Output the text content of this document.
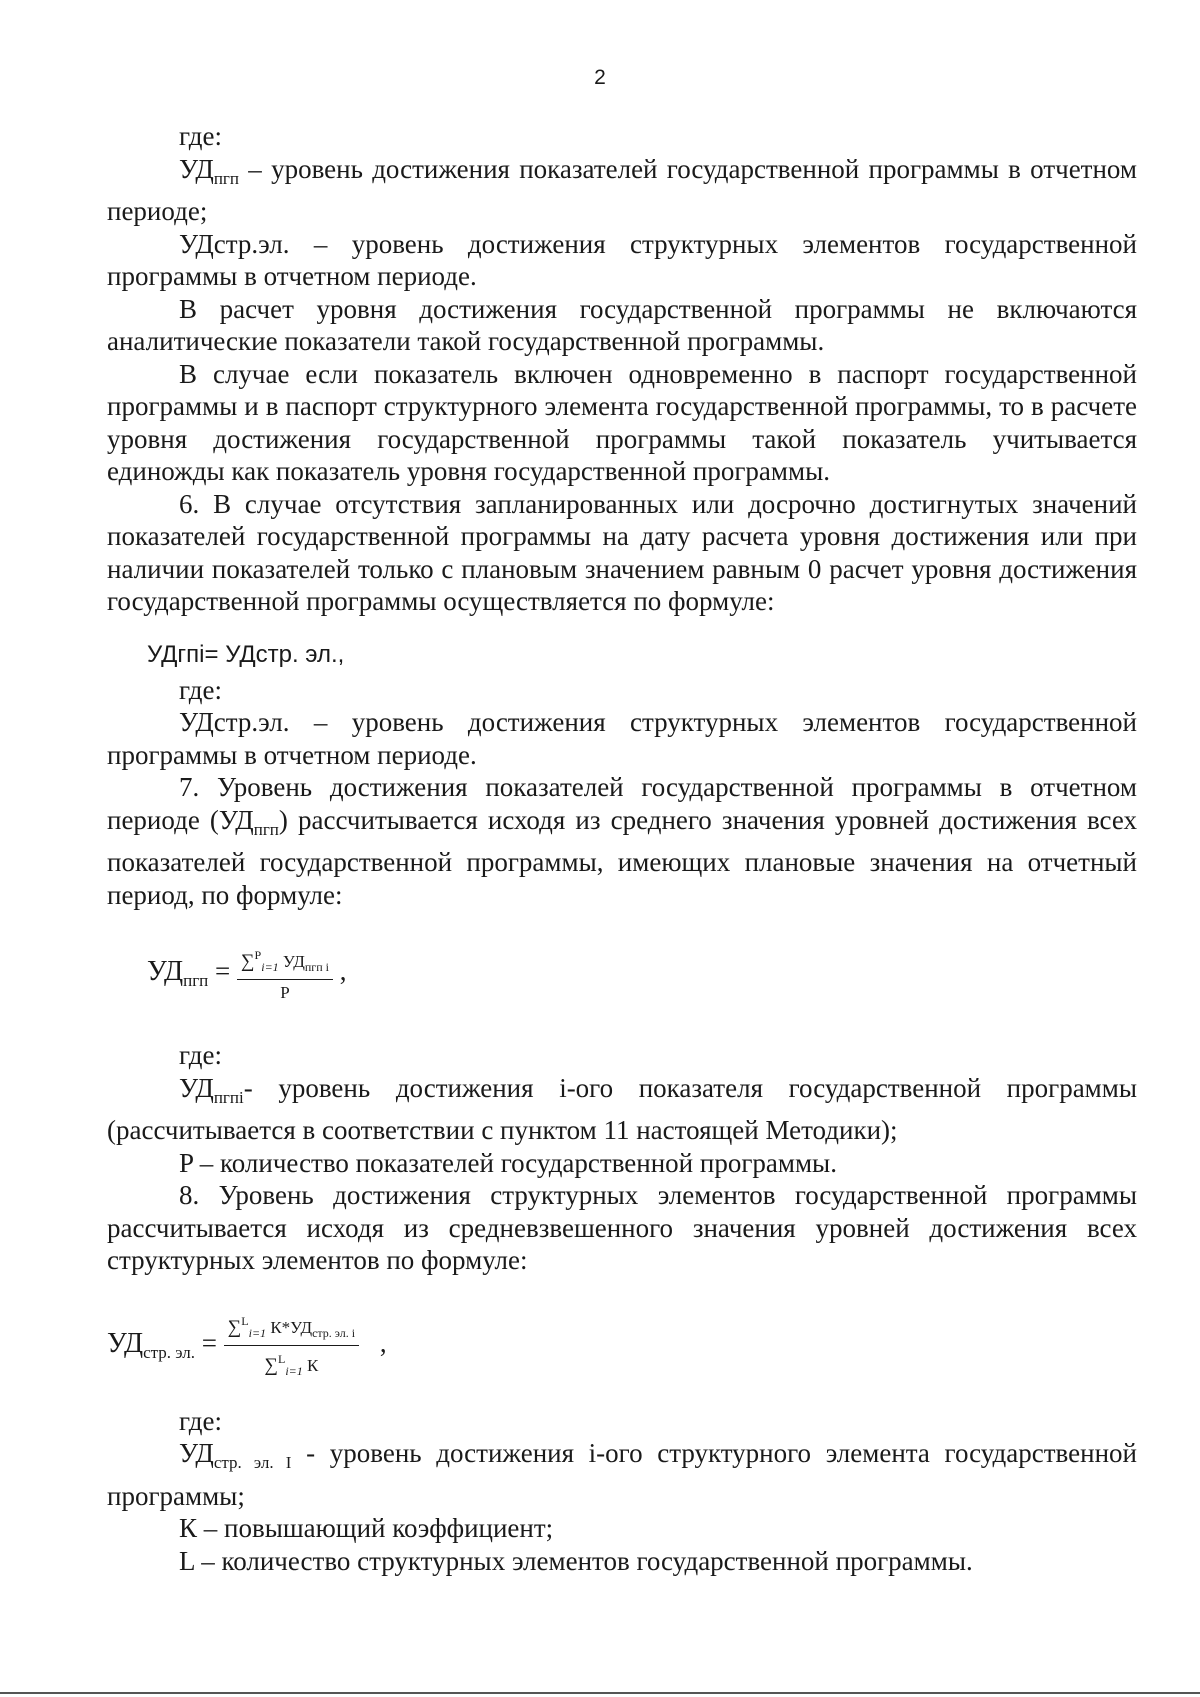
2

где:

$УД_{пгп}$ – уровень достижения показателей государственной программы в отчетном периоде;

УДстр.эл. – уровень достижения структурных элементов государственной программы в отчетном периоде.

В расчет уровня достижения государственной программы не включаются аналитические показатели такой государственной программы.

В случае если показатель включен одновременно в паспорт государственной программы и в паспорт структурного элемента государственной программы, то в расчете уровня достижения государственной программы такой показатель учитывается единожды как показатель уровня государственной программы.

6. В случае отсутствия запланированных или досрочно достигнутых значений показателей государственной программы на дату расчета уровня достижения или при наличии показателей только с плановым значением равным 0 расчет уровня достижения государственной программы осуществляется по формуле:

УДгпi= УДстр. эл.,

где:

УДстр.эл. – уровень достижения структурных элементов государственной программы в отчетном периоде.

7. Уровень достижения показателей государственной программы в отчетном периоде $(УД_{пгп})$ рассчитывается исходя из среднего значения уровней достижения всех показателей государственной программы, имеющих плановые значения на отчетный период, по формуле:

$УД_{пгп} = \frac{\sum^P_{i=1} УД_{пгп i}}{P}$ ,

где:

$УД_{пгпi}-$ уровень достижения i-ого показателя государственной программы (рассчитывается в соответствии с пунктом 11 настоящей Методики);

P – количество показателей государственной программы.

8. Уровень достижения структурных элементов государственной программы рассчитывается исходя из средневзвешенного значения уровней достижения всех структурных элементов по формуле:

$УД_{стр. эл.} = \frac{\sum^L_{i=1} К*УД_{стр. эл. i}}{\sum^L_{i=1} К}$ ,

где:

$УД_{стр. эл. I}$ - уровень достижения i-ого структурного элемента государственной программы;

К – повышающий коэффициент;

L – количество структурных элементов государственной программы.
